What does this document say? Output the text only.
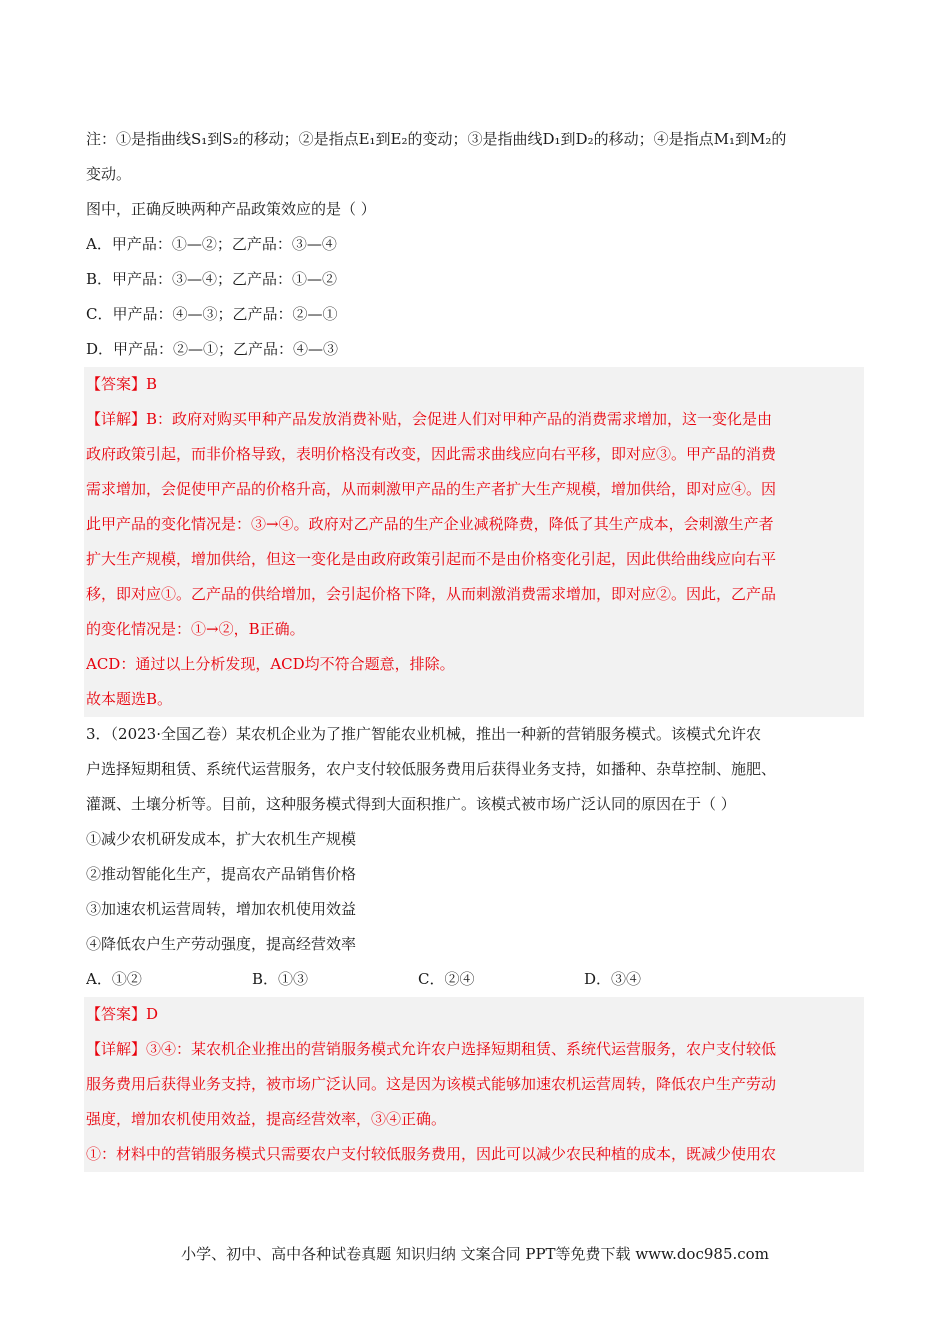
注：①是指曲线S₁到S₂的移动；②是指点E₁到E₂的变动；③是指曲线D₁到D₂的移动；④是指点M₁到M₂的
变动。
图中，正确反映两种产品政策效应的是（ ）
A．甲产品：①—②；乙产品：③—④
B．甲产品：③—④；乙产品：①—②
C．甲产品：④—③；乙产品：②—①
D．甲产品：②—①；乙产品：④—③
【答案】B
【详解】B：政府对购买甲种产品发放消费补贴，会促进人们对甲种产品的消费需求增加，这一变化是由
政府政策引起，而非价格导致，表明价格没有改变，因此需求曲线应向右平移，即对应③。甲产品的消费
需求增加，会促使甲产品的价格升高，从而刺激甲产品的生产者扩大生产规模，增加供给，即对应④。因
此甲产品的变化情况是：③→④。政府对乙产品的生产企业减税降费，降低了其生产成本，会刺激生产者
扩大生产规模，增加供给，但这一变化是由政府政策引起而不是由价格变化引起，因此供给曲线应向右平
移，即对应①。乙产品的供给增加，会引起价格下降，从而刺激消费需求增加，即对应②。因此，乙产品
的变化情况是：①→②，B正确。
ACD：通过以上分析发现，ACD均不符合题意，排除。
故本题选B。
3．（2023·全国乙卷）某农机企业为了推广智能农业机械，推出一种新的营销服务模式。该模式允许农
户选择短期租赁、系统代运营服务，农户支付较低服务费用后获得业务支持，如播种、杂草控制、施肥、
灌溉、土壤分析等。目前，这种服务模式得到大面积推广。该模式被市场广泛认同的原因在于（ ）
①减少农机研发成本，扩大农机生产规模
②推动智能化生产，提高农产品销售价格
③加速农机运营周转，增加农机使用效益
④降低农户生产劳动强度，提高经营效率
A．①②	B．①③	C．②④	D．③④
【答案】D
【详解】③④：某农机企业推出的营销服务模式允许农户选择短期租赁、系统代运营服务，农户支付较低
服务费用后获得业务支持，被市场广泛认同。这是因为该模式能够加速农机运营周转，降低农户生产劳动
强度，增加农机使用效益，提高经营效率，③④正确。
①：材料中的营销服务模式只需要农户支付较低服务费用，因此可以减少农民种植的成本，既减少使用农
小学、初中、高中各种试卷真题 知识归纳 文案合同 PPT等免费下载 www.doc985.com
